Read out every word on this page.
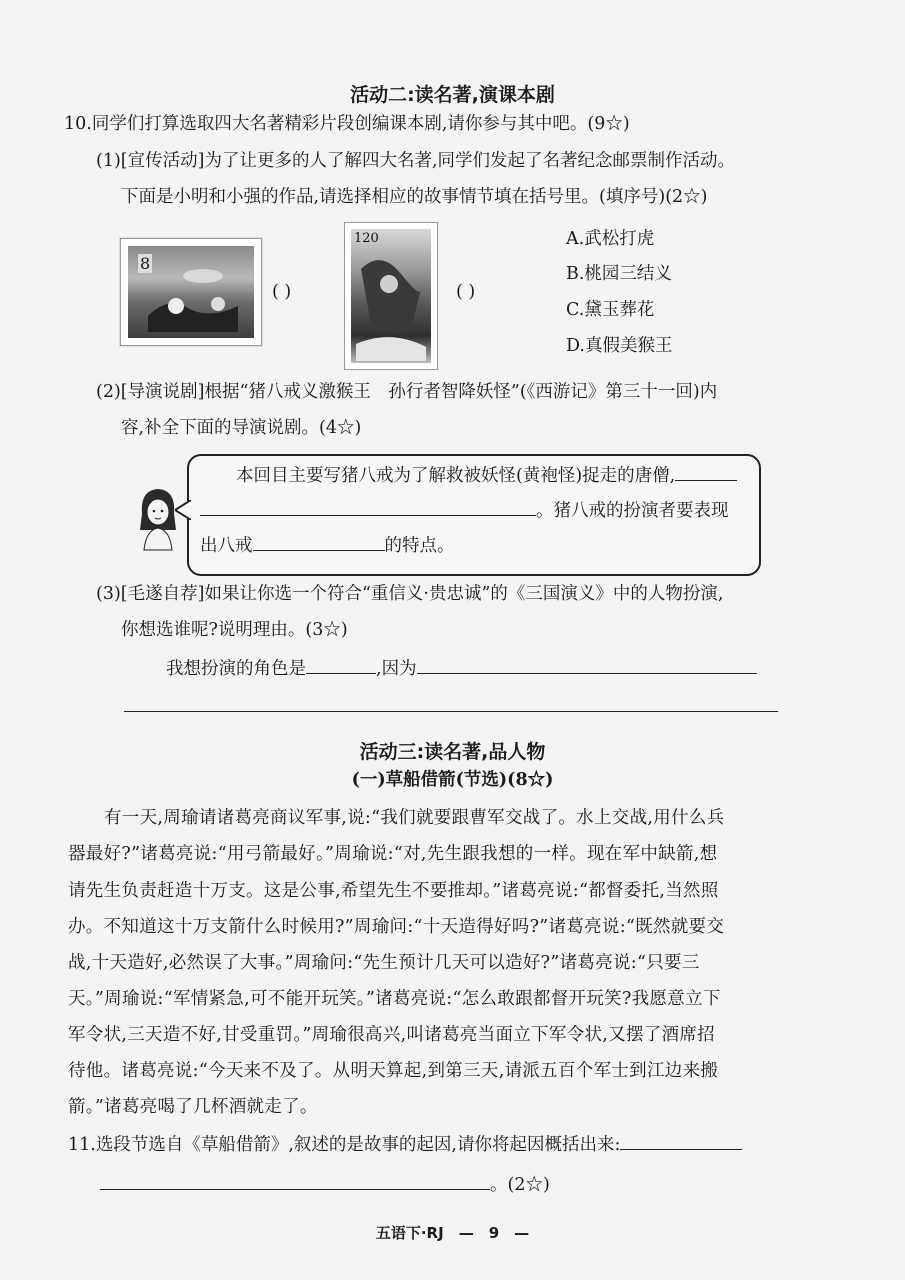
活动二:读名著,演课本剧
10.同学们打算选取四大名著精彩片段创编课本剧,请你参与其中吧。(9☆)
(1)[宣传活动]为了让更多的人了解四大名著,同学们发起了名著纪念邮票制作活动。
下面是小明和小强的作品,请选择相应的故事情节填在括号里。(填序号)(2☆)
8
( )
120
( )
A.武松打虎
B.桃园三结义
C.黛玉葬花
D.真假美猴王
(2)[导演说剧]根据“猪八戒义激猴王　孙行者智降妖怪”(《西游记》第三十一回)内
容,补全下面的导演说剧。(4☆)
本回目主要写猪八戒为了解救被妖怪(黄袍怪)捉走的唐僧,
。猪八戒的扮演者要表现
出八戒	的特点。
(3)[毛遂自荐]如果让你选一个符合“重信义·贵忠诚”的《三国演义》中的人物扮演,
你想选谁呢?说明理由。(3☆)
我想扮演的角色是	,因为
活动三:读名著,品人物
(一)草船借箭(节选)(8☆)
有一天,周瑜请诸葛亮商议军事,说:“我们就要跟曹军交战了。水上交战,用什么兵
器最好?”诸葛亮说:“用弓箭最好。”周瑜说:“对,先生跟我想的一样。现在军中缺箭,想
请先生负责赶造十万支。这是公事,希望先生不要推却。”诸葛亮说:“都督委托,当然照
办。不知道这十万支箭什么时候用?”周瑜问:“十天造得好吗?”诸葛亮说:“既然就要交
战,十天造好,必然误了大事。”周瑜问:“先生预计几天可以造好?”诸葛亮说:“只要三
天。”周瑜说:“军情紧急,可不能开玩笑。”诸葛亮说:“怎么敢跟都督开玩笑?我愿意立下
军令状,三天造不好,甘受重罚。”周瑜很高兴,叫诸葛亮当面立下军令状,又摆了酒席招
待他。诸葛亮说:“今天来不及了。从明天算起,到第三天,请派五百个军士到江边来搬
箭。”诸葛亮喝了几杯酒就走了。
11.选段节选自《草船借箭》,叙述的是故事的起因,请你将起因概括出来:
。(2☆)
五语下·RJ　—　9　—
